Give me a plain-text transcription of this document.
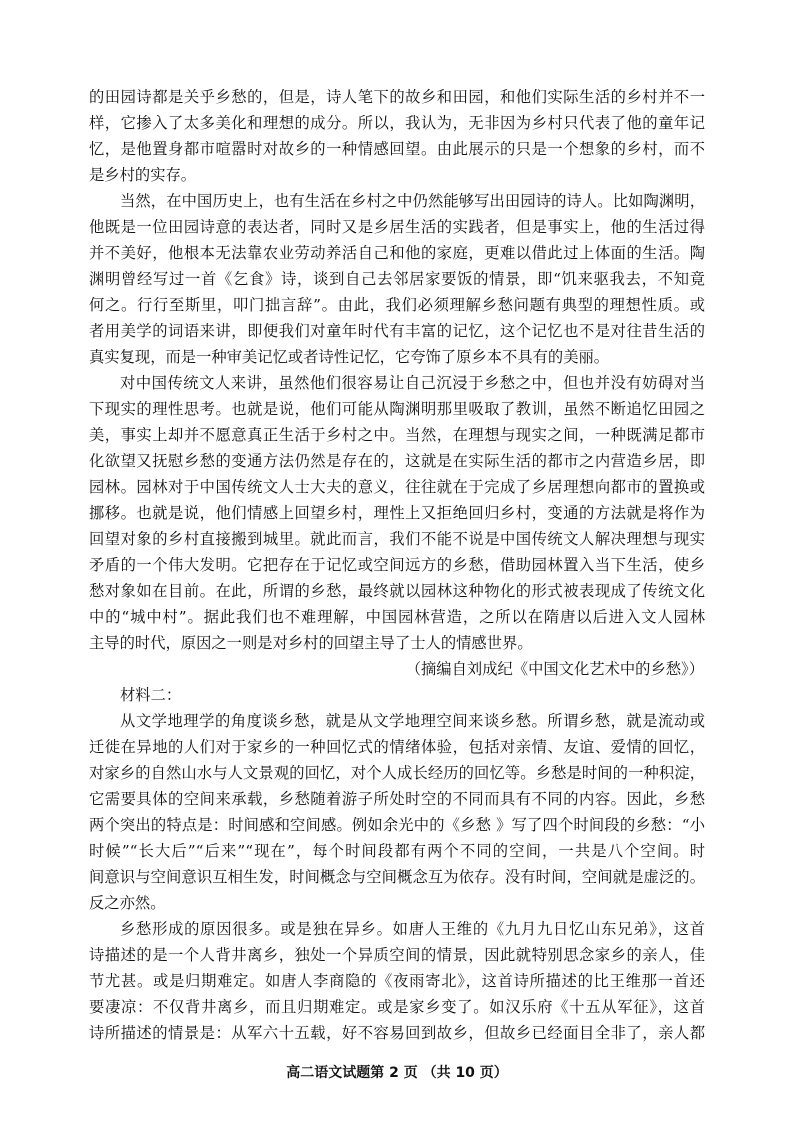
的田园诗都是关乎乡愁的，但是，诗人笔下的故乡和田园，和他们实际生活的乡村并不一
样，它掺入了太多美化和理想的成分。所以，我认为，无非因为乡村只代表了他的童年记
忆，是他置身都市喧嚣时对故乡的一种情感回望。由此展示的只是一个想象的乡村，而不
是乡村的实存。
当然，在中国历史上，也有生活在乡村之中仍然能够写出田园诗的诗人。比如陶渊明，
他既是一位田园诗意的表达者，同时又是乡居生活的实践者，但是事实上，他的生活过得
并不美好，他根本无法靠农业劳动养活自己和他的家庭，更难以借此过上体面的生活。陶
渊明曾经写过一首《乞食》诗，谈到自己去邻居家要饭的情景，即“饥来驱我去，不知竟
何之。行行至斯里，叩门拙言辞”。由此，我们必须理解乡愁问题有典型的理想性质。或
者用美学的词语来讲，即便我们对童年时代有丰富的记忆，这个记忆也不是对往昔生活的
真实复现，而是一种审美记忆或者诗性记忆，它夸饰了原乡本不具有的美丽。
对中国传统文人来讲，虽然他们很容易让自己沉浸于乡愁之中，但也并没有妨碍对当
下现实的理性思考。也就是说，他们可能从陶渊明那里吸取了教训，虽然不断追忆田园之
美，事实上却并不愿意真正生活于乡村之中。当然，在理想与现实之间，一种既满足都市
化欲望又抚慰乡愁的变通方法仍然是存在的，这就是在实际生活的都市之内营造乡居，即
园林。园林对于中国传统文人士大夫的意义，往往就在于完成了乡居理想向都市的置换或
挪移。也就是说，他们情感上回望乡村，理性上又拒绝回归乡村，变通的方法就是将作为
回望对象的乡村直接搬到城里。就此而言，我们不能不说是中国传统文人解决理想与现实
矛盾的一个伟大发明。它把存在于记忆或空间远方的乡愁，借助园林置入当下生活，使乡
愁对象如在目前。在此，所谓的乡愁，最终就以园林这种物化的形式被表现成了传统文化
中的“城中村”。据此我们也不难理解，中国园林营造，之所以在隋唐以后进入文人园林
主导的时代，原因之一则是对乡村的回望主导了士人的情感世界。
（摘编自刘成纪《中国文化艺术中的乡愁》）
材料二：
从文学地理学的角度谈乡愁，就是从文学地理空间来谈乡愁。所谓乡愁，就是流动或
迁徙在异地的人们对于家乡的一种回忆式的情绪体验，包括对亲情、友谊、爱情的回忆，
对家乡的自然山水与人文景观的回忆，对个人成长经历的回忆等。乡愁是时间的一种积淀，
它需要具体的空间来承载，乡愁随着游子所处时空的不同而具有不同的内容。因此，乡愁
两个突出的特点是：时间感和空间感。例如余光中的《乡愁 》写了四个时间段的乡愁：“小
时候”“长大后”“后来”“现在”，每个时间段都有两个不同的空间，一共是八个空间。时
间意识与空间意识互相生发，时间概念与空间概念互为依存。没有时间，空间就是虚泛的。
反之亦然。
乡愁形成的原因很多。或是独在异乡。如唐人王维的《九月九日忆山东兄弟》，这首
诗描述的是一个人背井离乡，独处一个异质空间的情景，因此就特别思念家乡的亲人，佳
节尤甚。或是归期难定。如唐人李商隐的《夜雨寄北》，这首诗所描述的比王维那一首还
要凄凉：不仅背井离乡，而且归期难定。或是家乡变了。如汉乐府《十五从军征》，这首
诗所描述的情景是：从军六十五载，好不容易回到故乡，但故乡已经面目全非了，亲人都
高二语文试题第 2 页 （共 10 页）
